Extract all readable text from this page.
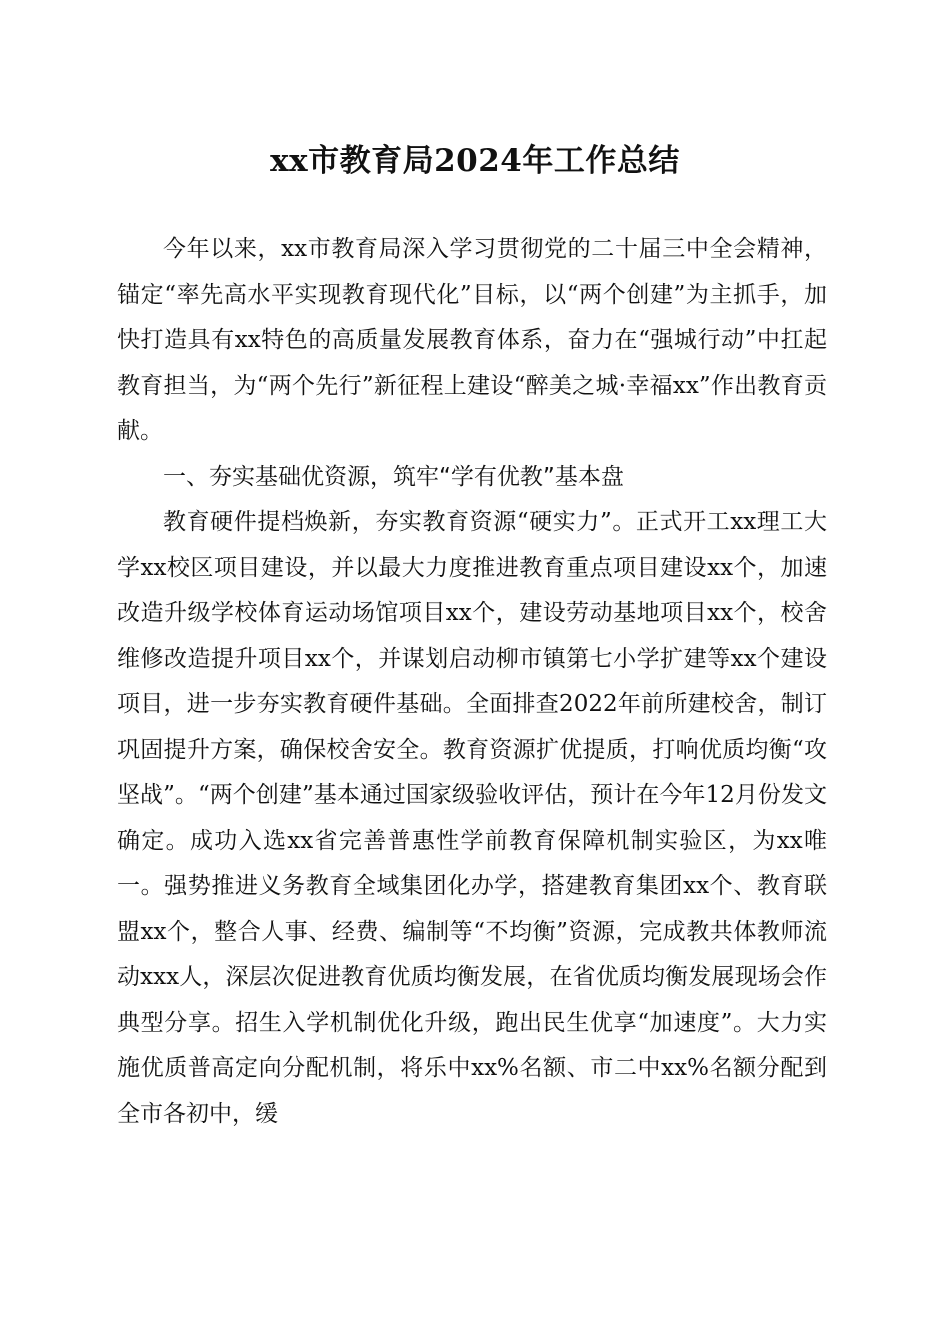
xx市教育局2024年工作总结

今年以来，xx市教育局深入学习贯彻党的二十届三中全会精神，锚定“率先高水平实现教育现代化”目标，以“两个创建”为主抓手，加快打造具有xx特色的高质量发展教育体系，奋力在“强城行动”中扛起教育担当，为“两个先行”新征程上建设“醉美之城·幸福xx”作出教育贡献。

一、夯实基础优资源，筑牢“学有优教”基本盘

教育硬件提档焕新，夯实教育资源“硬实力”。正式开工xx理工大学xx校区项目建设，并以最大力度推进教育重点项目建设xx个，加速改造升级学校体育运动场馆项目xx个，建设劳动基地项目xx个，校舍维修改造提升项目xx个，并谋划启动柳市镇第七小学扩建等xx个建设项目，进一步夯实教育硬件基础。全面排查2022年前所建校舍，制订巩固提升方案，确保校舍安全。教育资源扩优提质，打响优质均衡“攻坚战”。“两个创建”基本通过国家级验收评估，预计在今年12月份发文确定。成功入选xx省完善普惠性学前教育保障机制实验区，为xx唯一。强势推进义务教育全域集团化办学，搭建教育集团xx个、教育联盟xx个，整合人事、经费、编制等“不均衡”资源，完成教共体教师流动xxx人，深层次促进教育优质均衡发展，在省优质均衡发展现场会作典型分享。招生入学机制优化升级，跑出民生优享“加速度”。大力实施优质普高定向分配机制，将乐中xx%名额、市二中xx%名额分配到全市各初中，缓
